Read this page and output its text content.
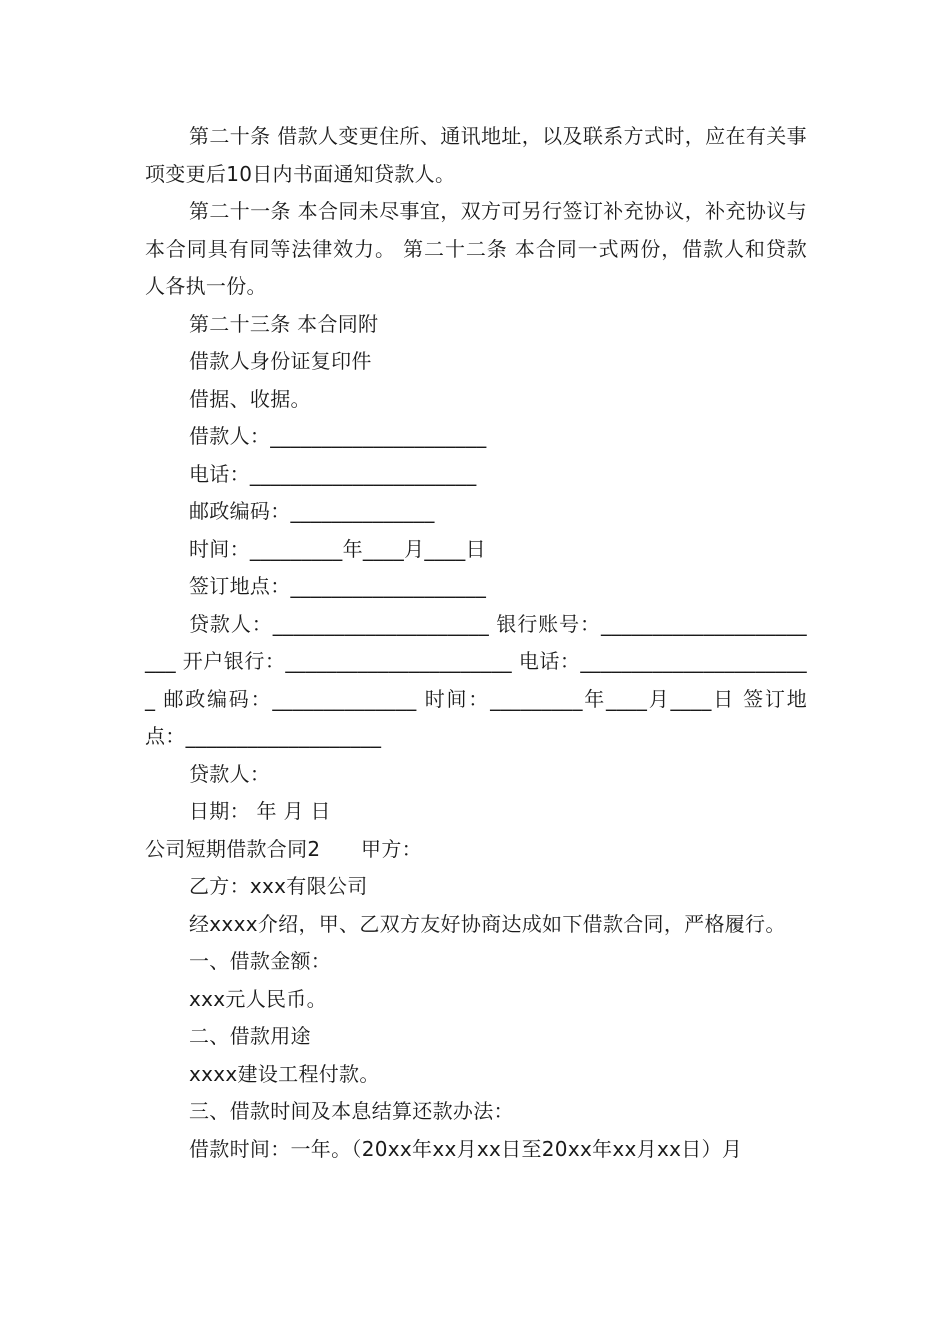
第二十条 借款人变更住所、通讯地址，以及联系方式时，应在有关事项变更后10日内书面通知贷款人。

第二十一条 本合同未尽事宜，双方可另行签订补充协议，补充协议与本合同具有同等法律效力。 第二十二条 本合同一式两份，借款人和贷款人各执一份。

第二十三条 本合同附

借款人身份证复印件

借据、收据。

借款人：_____________________

电话：______________________

邮政编码：______________

时间：_________年____月____日

签订地点：___________________

贷款人：_____________________ 银行账号：_______________________ 开户银行：______________________ 电话：_______________________ 邮政编码：______________ 时间：_________年____月____日 签订地点：___________________

贷款人：

日期： 年 月 日

公司短期借款合同2　　甲方：

乙方：xxx有限公司

经xxxx介绍，甲、乙双方友好协商达成如下借款合同，严格履行。

一、借款金额：

xxx元人民币。

二、借款用途

xxxx建设工程付款。

三、借款时间及本息结算还款办法：

借款时间：一年。（20xx年xx月xx日至20xx年xx月xx日）月
